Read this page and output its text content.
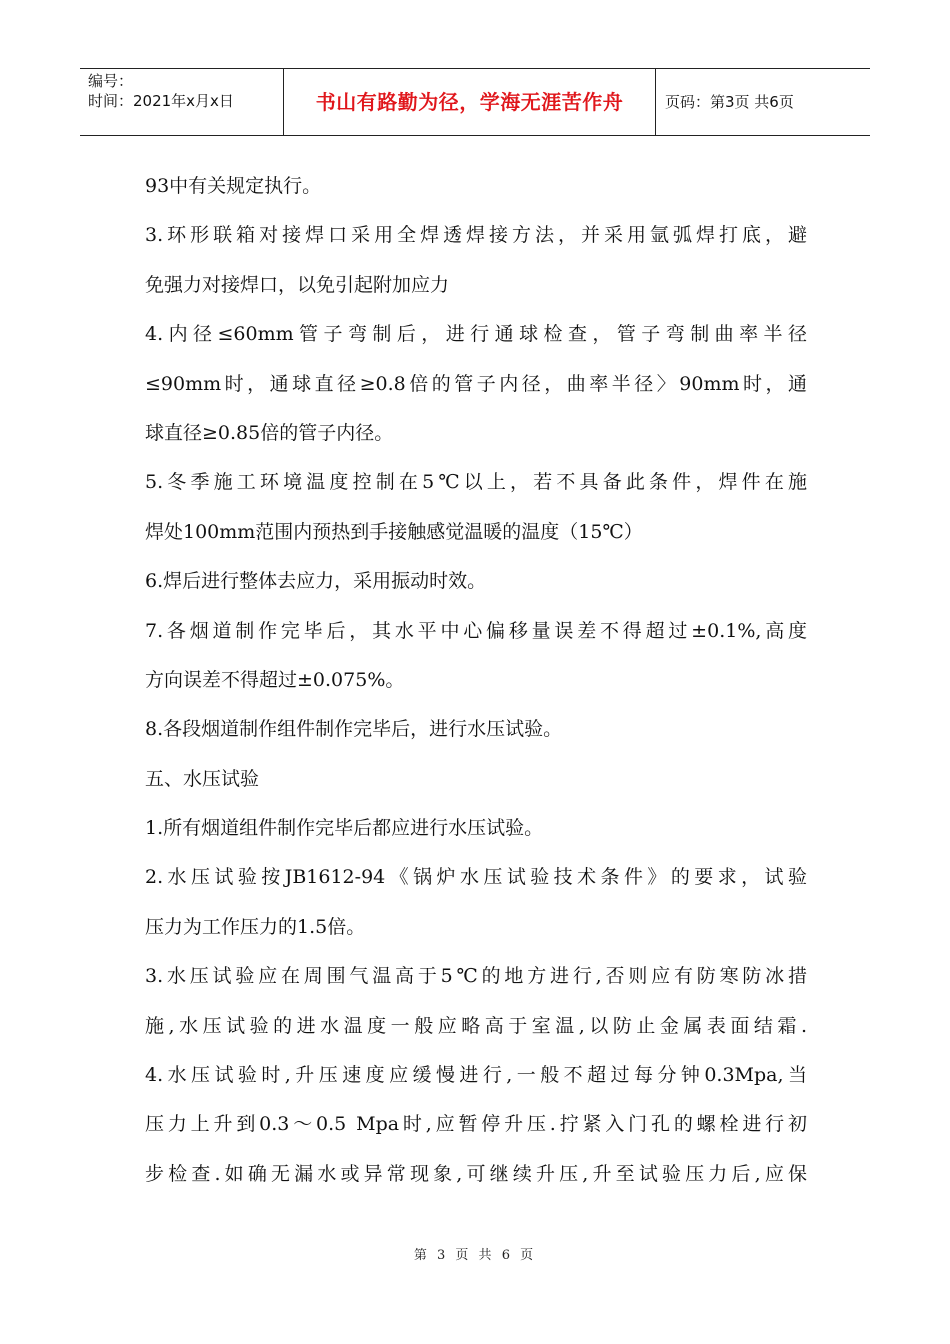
编号：
时间：2021年x月x日	书山有路勤为径，学海无涯苦作舟	页码：第3页 共6页
93中有关规定执行。
3.环形联箱对接焊口采用全焊透焊接方法，并采用氩弧焊打底，避
免强力对接焊口，以免引起附加应力
4.内径≤60mm管子弯制后，进行通球检查，管子弯制曲率半径
≤90mm时，通球直径≥0.8倍的管子内径，曲率半径〉90mm时，通
球直径≥0.85倍的管子内径。
5.冬季施工环境温度控制在5℃以上，若不具备此条件，焊件在施
焊处100mm范围内预热到手接触感觉温暖的温度（15℃）
6.焊后进行整体去应力，采用振动时效。
7.各烟道制作完毕后，其水平中心偏移量误差不得超过±0.1%,高度
方向误差不得超过±0.075%。
8.各段烟道制作组件制作完毕后，进行水压试验。
五、水压试验
1.所有烟道组件制作完毕后都应进行水压试验。
2.水压试验按JB1612-94《锅炉水压试验技术条件》的要求，试验
压力为工作压力的1.5倍。
3.水压试验应在周围气温高于5℃的地方进行,否则应有防寒防冰措
施,水压试验的进水温度一般应略高于室温,以防止金属表面结霜.
4.水压试验时,升压速度应缓慢进行,一般不超过每分钟0.3Mpa,当
压力上升到0.3～0.5 Mpa时,应暂停升压.拧紧入门孔的螺栓进行初
步检查.如确无漏水或异常现象,可继续升压,升至试验压力后,应保
第 3 页 共 6 页
